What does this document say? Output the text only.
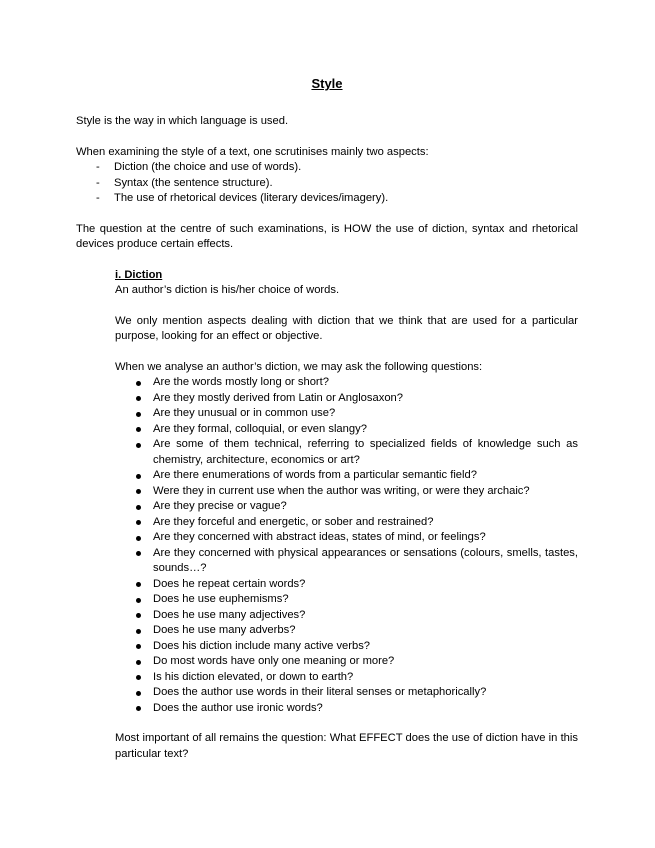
Style

Style is the way in which language is used.

When examining the style of a text, one scrutinises mainly two aspects:

- Diction (the choice and use of words).
- Syntax (the sentence structure).
- The use of rhetorical devices (literary devices/imagery).

The question at the centre of such examinations, is HOW the use of diction, syntax and rhetorical devices produce certain effects.

i. Diction

An author’s diction is his/her choice of words.

We only mention aspects dealing with diction that we think that are used for a particular purpose, looking for an effect or objective.

When we analyse an author’s diction, we may ask the following questions:

Are the words mostly long or short?
Are they mostly derived from Latin or Anglosaxon?
Are they unusual or in common use?
Are they formal, colloquial, or even slangy?
Are some of them technical, referring to specialized fields of knowledge such as chemistry, architecture, economics or art?
Are there enumerations of words from a particular semantic field?
Were they in current use when the author was writing, or were they archaic?
Are they precise or vague?
Are they forceful and energetic, or sober and restrained?
Are they concerned with abstract ideas, states of mind, or feelings?
Are they concerned with physical appearances or sensations (colours, smells, tastes, sounds…?
Does he repeat certain words?
Does he use euphemisms?
Does he use many adjectives?
Does he use many adverbs?
Does his diction include many active verbs?
Do most words have only one meaning or more?
Is his diction elevated, or down to earth?
Does the author use words in their literal senses or metaphorically?
Does the author use ironic words?

Most important of all remains the question: What EFFECT does the use of diction have in this particular text?
